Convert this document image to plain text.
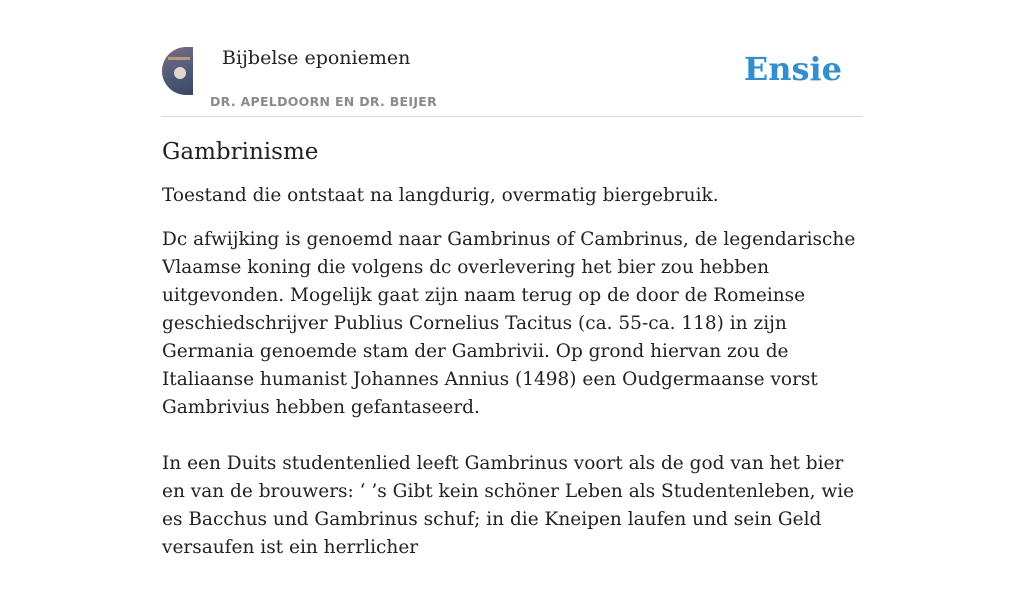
Bijbelse eponiemen
DR. APELDOORN EN DR. BEIJER
Ensie
Gambrinisme

Toestand die ontstaat na langdurig, overmatig biergebruik.

Dc afwijking is genoemd naar Gambrinus of Cambrinus, de legendarische Vlaamse koning die volgens dc overlevering het bier zou hebben uitgevonden. Mogelijk gaat zijn naam terug op de door de Romeinse geschiedschrijver Publius Cornelius Tacitus (ca. 55-ca. 118) in zijn Germania genoemde stam der Gambrivii. Op grond hiervan zou de Italiaanse humanist Johannes Annius (1498) een Oudgermaanse vorst Gambrivius hebben gefantaseerd.

In een Duits studentenlied leeft Gambrinus voort als de god van het bier en van de brouwers: ‘ ’s Gibt kein schöner Leben als Studentenleben, wie es Bacchus und Gambrinus schuf; in die Kneipen laufen und sein Geld versaufen ist ein herrlicher
